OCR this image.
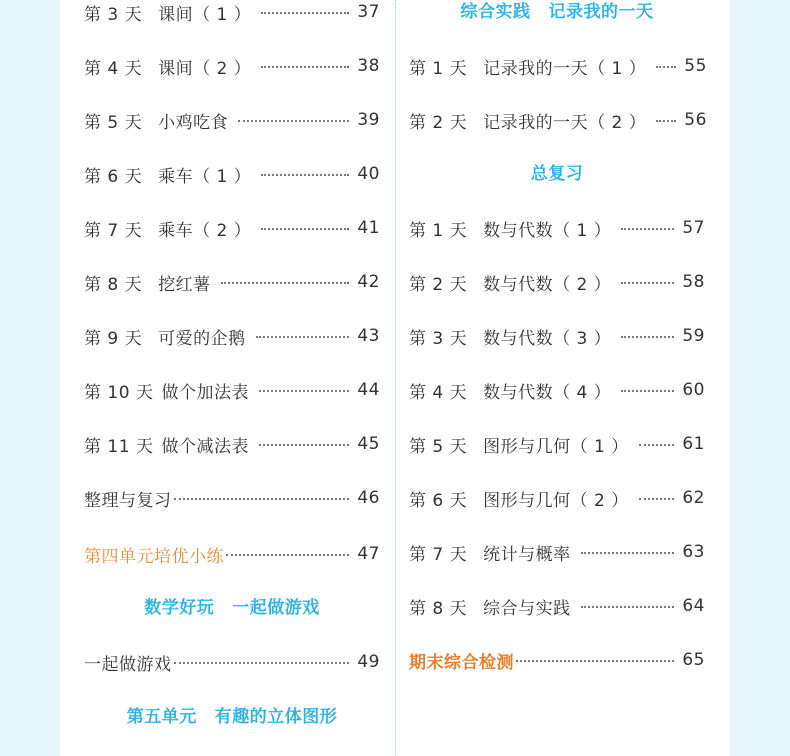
第 3 天 课间（ 1 ）	37
第 4 天 课间（ 2 ）	38
第 5 天 小鸡吃食	39
第 6 天 乘车（ 1 ）	40
第 7 天 乘车（ 2 ）	41
第 8 天 挖红薯	42
第 9 天 可爱的企鹅	43
第 10 天 做个加法表	44
第 11 天 做个减法表	45
整理与复习	46
第四单元培优小练	47
数学好玩 一起做游戏
一起做游戏	49
第五单元 有趣的立体图形
综合实践 记录我的一天
第 1 天 记录我的一天（ 1 ） 55
第 2 天 记录我的一天（ 2 ） 56
总复习
第 1 天 数与代数（ 1 ）	57
第 2 天 数与代数（ 2 ）	58
第 3 天 数与代数（ 3 ）	59
第 4 天 数与代数（ 4 ）	60
第 5 天 图形与几何（ 1 ）	61
第 6 天 图形与几何（ 2 ）	62
第 7 天 统计与概率	63
第 8 天 综合与实践	64
期末综合检测	65
